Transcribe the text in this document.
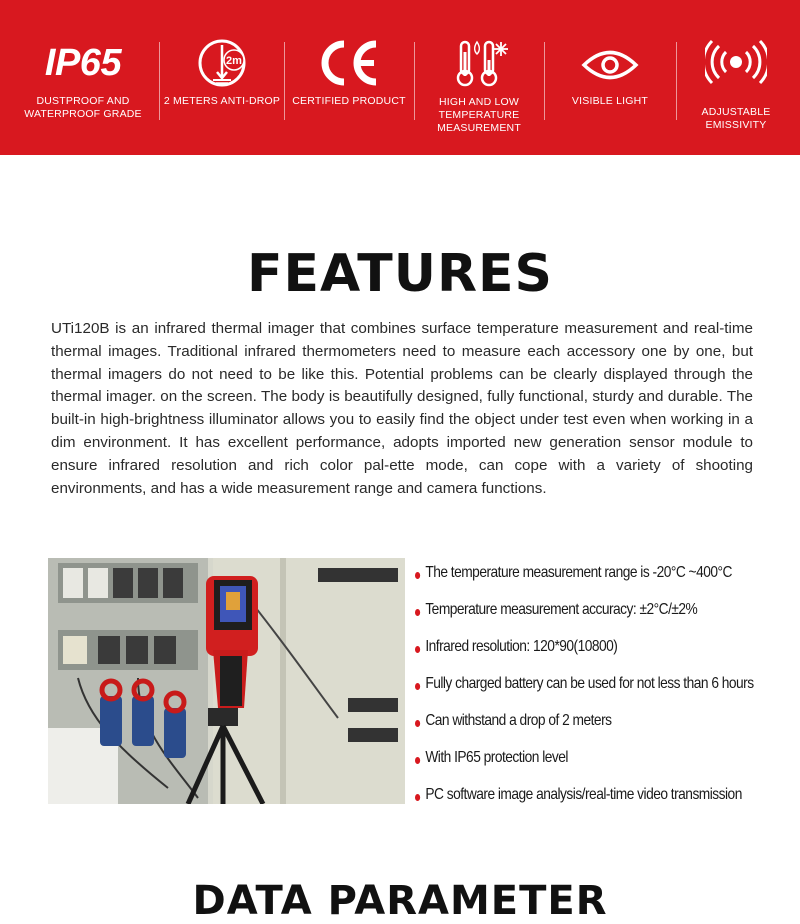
IP65
DUSTPROOF AND
WATERPROOF GRADE
2m
2 METERS ANTI-DROP	CERTIFIED PRODUCT	HIGH AND LOW
TEMPERATURE
MEASUREMENT
VISIBLE LIGHT
ADJUSTABLE
EMISSIVITY
FEATURES
UTi120B is an infrared thermal imager that combines surface temperature measurement and real-time thermal images. Traditional infrared thermometers need to measure each accessory one by one, but thermal imagers do not need to be like this. Potential problems can be clearly displayed through the thermal imager. on the screen. The body is beautifully designed, fully functional, sturdy and durable. The built-in high-brightness illuminator allows you to easily find the object under test even when working in a dim environment. It has excellent performance, adopts imported new generation sensor module to ensure infrared resolution and rich color pal-ette mode, can cope with a variety of shooting environments, and has a wide measurement range and camera functions.
The temperature measurement range is -20°C ~400°C
Temperature measurement accuracy: ±2°C/±2%
Infrared resolution: 120*90(10800)
Fully charged battery can be used for not less than 6 hours
Can withstand a drop of 2 meters
With IP65 protection level
PC software image analysis/real-time video transmission
DATA PARAMETER
